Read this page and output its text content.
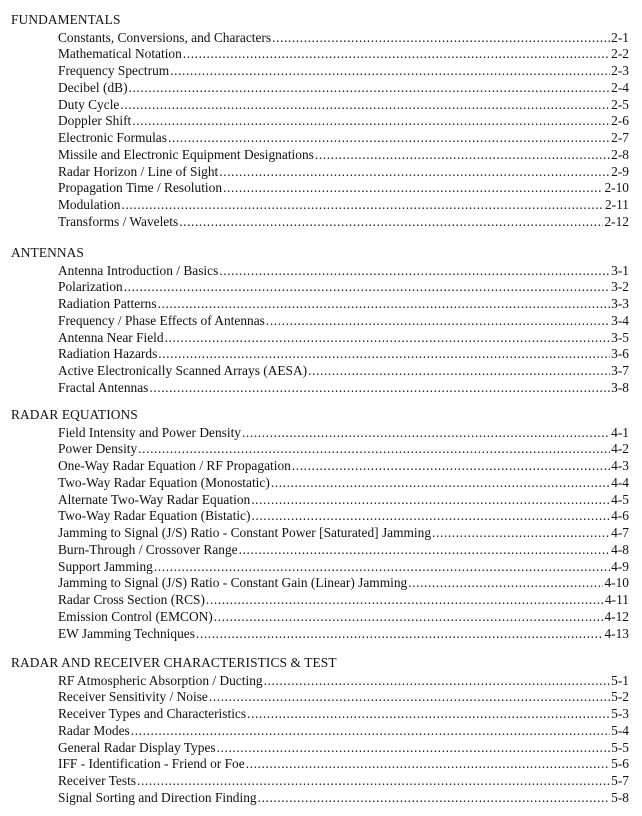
FUNDAMENTALS
Constants, Conversions, and Characters .....	2-1
Mathematical Notation .....	2-2
Frequency Spectrum .....	2-3
Decibel (dB) .....	2-4
Duty Cycle .....	2-5
Doppler Shift .....	2-6
Electronic Formulas .....	2-7
Missile and Electronic Equipment Designations .....	2-8
Radar Horizon / Line of Sight .....	2-9
Propagation Time / Resolution .....	2-10
Modulation .....	2-11
Transforms / Wavelets .....	2-12
ANTENNAS
Antenna Introduction / Basics .....	3-1
Polarization .....	3-2
Radiation Patterns .....	3-3
Frequency / Phase Effects of Antennas .....	3-4
Antenna Near Field .....	3-5
Radiation Hazards .....	3-6
Active Electronically Scanned Arrays (AESA) .....	3-7
Fractal Antennas .....	3-8
RADAR EQUATIONS
Field Intensity and Power Density .....	4-1
Power Density .....	4-2
One-Way Radar Equation / RF Propagation .....	4-3
Two-Way Radar Equation (Monostatic) .....	4-4
Alternate Two-Way Radar Equation .....	4-5
Two-Way Radar Equation (Bistatic) .....	4-6
Jamming to Signal (J/S) Ratio - Constant Power [Saturated] Jamming .....	4-7
Burn-Through / Crossover Range .....	4-8
Support Jamming .....	4-9
Jamming to Signal (J/S) Ratio - Constant Gain (Linear) Jamming .....	4-10
Radar Cross Section (RCS) .....	4-11
Emission Control (EMCON) .....	4-12
EW Jamming Techniques .....	4-13
RADAR AND RECEIVER CHARACTERISTICS & TEST
RF Atmospheric Absorption / Ducting .....	5-1
Receiver Sensitivity / Noise .....	5-2
Receiver Types and Characteristics .....	5-3
Radar Modes .....	5-4
General Radar Display Types .....	5-5
IFF - Identification - Friend or Foe .....	5-6
Receiver Tests .....	5-7
Signal Sorting and Direction Finding .....	5-8
